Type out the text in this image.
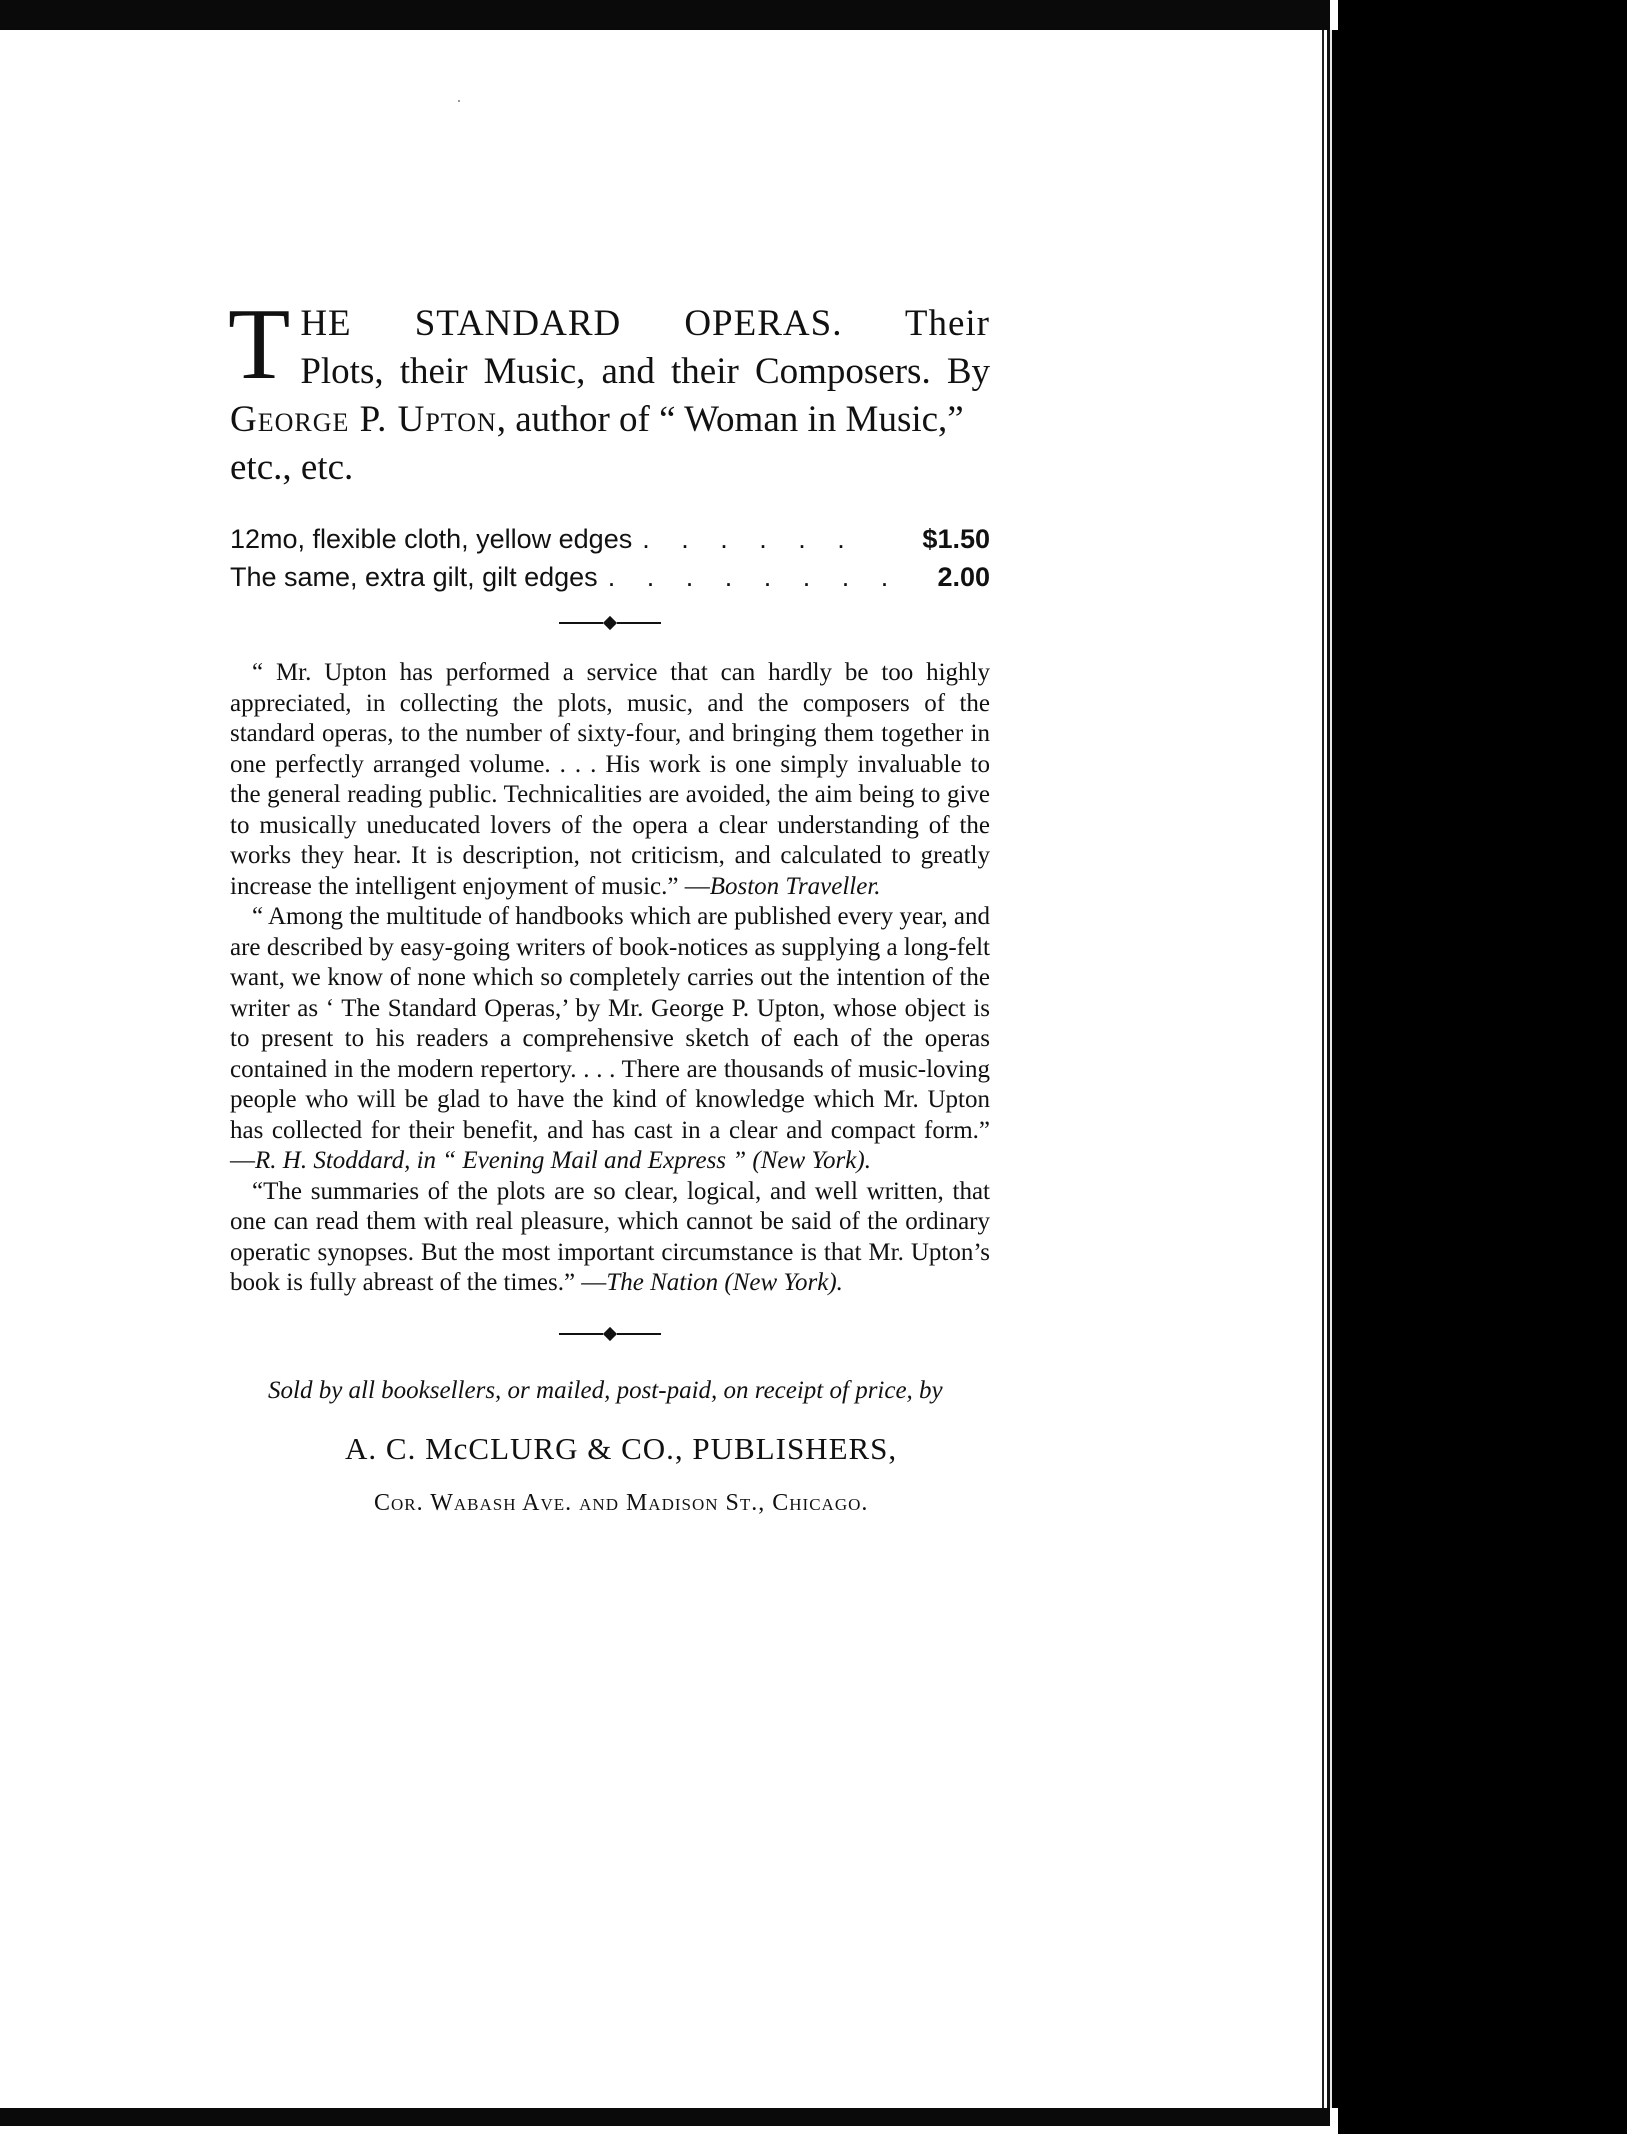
T HE STANDARD OPERAS. Their
Plots, their Music, and their Composers. By
George P. Upton, author of “ Woman in Music,”
etc., etc.
12mo, flexible cloth, yellow edges . . . . . .	$1.50
The same, extra gilt, gilt edges . . . . . . . .	2.00

“ Mr. Upton has performed a service that can hardly be too highly appreciated, in collecting the plots, music, and the composers of the standard operas, to the number of sixty-four, and bringing them together in one perfectly arranged volume. . . . His work is one simply invaluable to the general reading public. Technicalities are avoided, the aim being to give to musically uneducated lovers of the opera a clear understanding of the works they hear. It is description, not criticism, and calculated to greatly increase the intelligent enjoyment of music.” —Boston Traveller.

“ Among the multitude of handbooks which are published every year, and are described by easy-going writers of book-notices as supplying a long-felt want, we know of none which so completely carries out the intention of the writer as ‘ The Standard Operas,’ by Mr. George P. Upton, whose object is to present to his readers a comprehensive sketch of each of the operas contained in the modern repertory. . . . There are thousands of music-loving people who will be glad to have the kind of knowledge which Mr. Upton has collected for their benefit, and has cast in a clear and compact form.” —R. H. Stoddard, in “ Evening Mail and Express ” (New York).

“The summaries of the plots are so clear, logical, and well written, that one can read them with real pleasure, which cannot be said of the ordinary operatic synopses. But the most important circumstance is that Mr. Upton’s book is fully abreast of the times.” —The Nation (New York).

Sold by all booksellers, or mailed, post-paid, on receipt of price, by

A. C. McCLURG & CO., PUBLISHERS,
Cor. Wabash Ave. and Madison St., Chicago.
